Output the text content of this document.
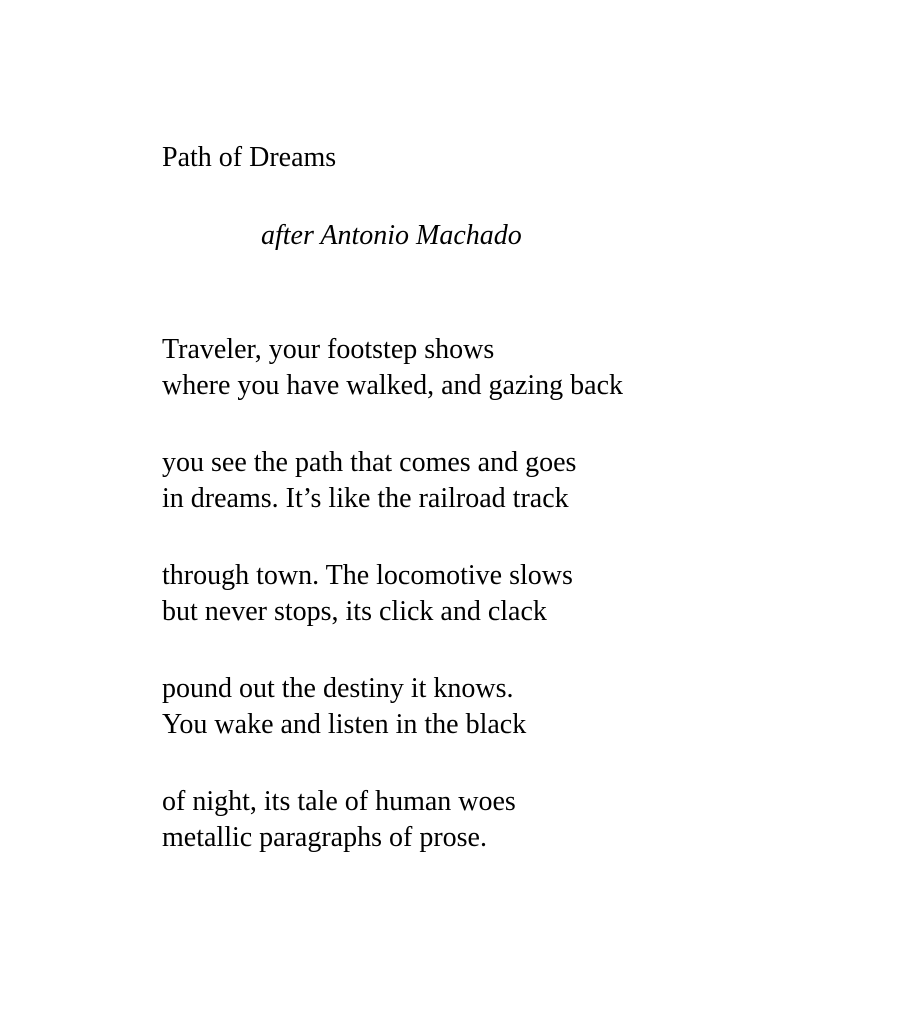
Path of Dreams
after Antonio Machado
Traveler, your footstep shows
where you have walked, and gazing back
you see the path that comes and goes
in dreams. It’s like the railroad track
through town. The locomotive slows
but never stops, its click and clack
pound out the destiny it knows.
You wake and listen in the black
of night, its tale of human woes
metallic paragraphs of prose.
